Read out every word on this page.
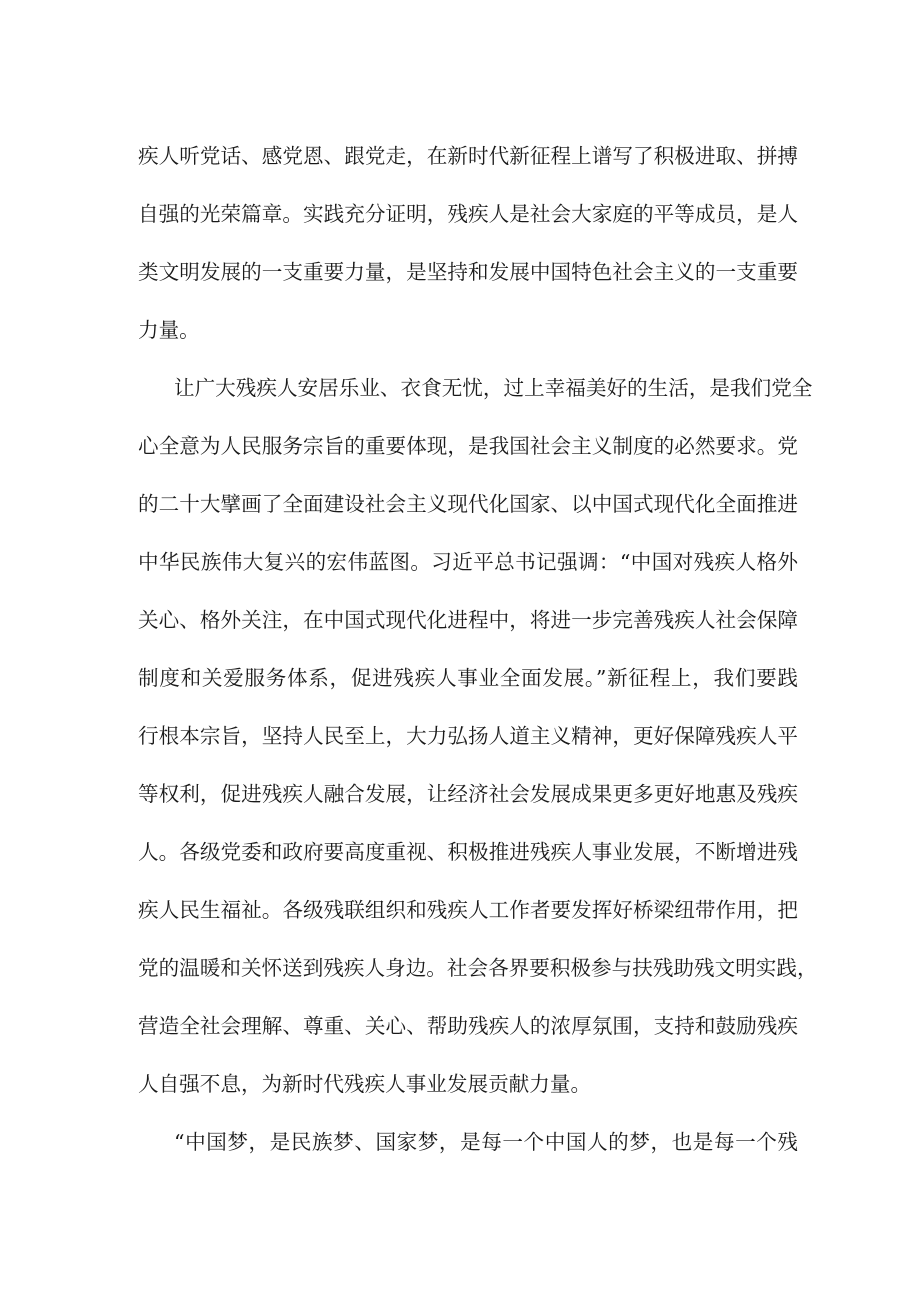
疾人听党话、感党恩、跟党走，在新时代新征程上谱写了积极进取、拼搏
自强的光荣篇章。实践充分证明，残疾人是社会大家庭的平等成员，是人
类文明发展的一支重要力量，是坚持和发展中国特色社会主义的一支重要
力量。
让广大残疾人安居乐业、衣食无忧，过上幸福美好的生活，是我们党全
心全意为人民服务宗旨的重要体现，是我国社会主义制度的必然要求。党
的二十大擘画了全面建设社会主义现代化国家、以中国式现代化全面推进
中华民族伟大复兴的宏伟蓝图。习近平总书记强调：“中国对残疾人格外
关心、格外关注，在中国式现代化进程中，将进一步完善残疾人社会保障
制度和关爱服务体系，促进残疾人事业全面发展。”新征程上，我们要践
行根本宗旨，坚持人民至上，大力弘扬人道主义精神，更好保障残疾人平
等权利，促进残疾人融合发展，让经济社会发展成果更多更好地惠及残疾
人。各级党委和政府要高度重视、积极推进残疾人事业发展，不断增进残
疾人民生福祉。各级残联组织和残疾人工作者要发挥好桥梁纽带作用，把
党的温暖和关怀送到残疾人身边。社会各界要积极参与扶残助残文明实践，
营造全社会理解、尊重、关心、帮助残疾人的浓厚氛围，支持和鼓励残疾
人自强不息，为新时代残疾人事业发展贡献力量。
“中国梦，是民族梦、国家梦，是每一个中国人的梦，也是每一个残
